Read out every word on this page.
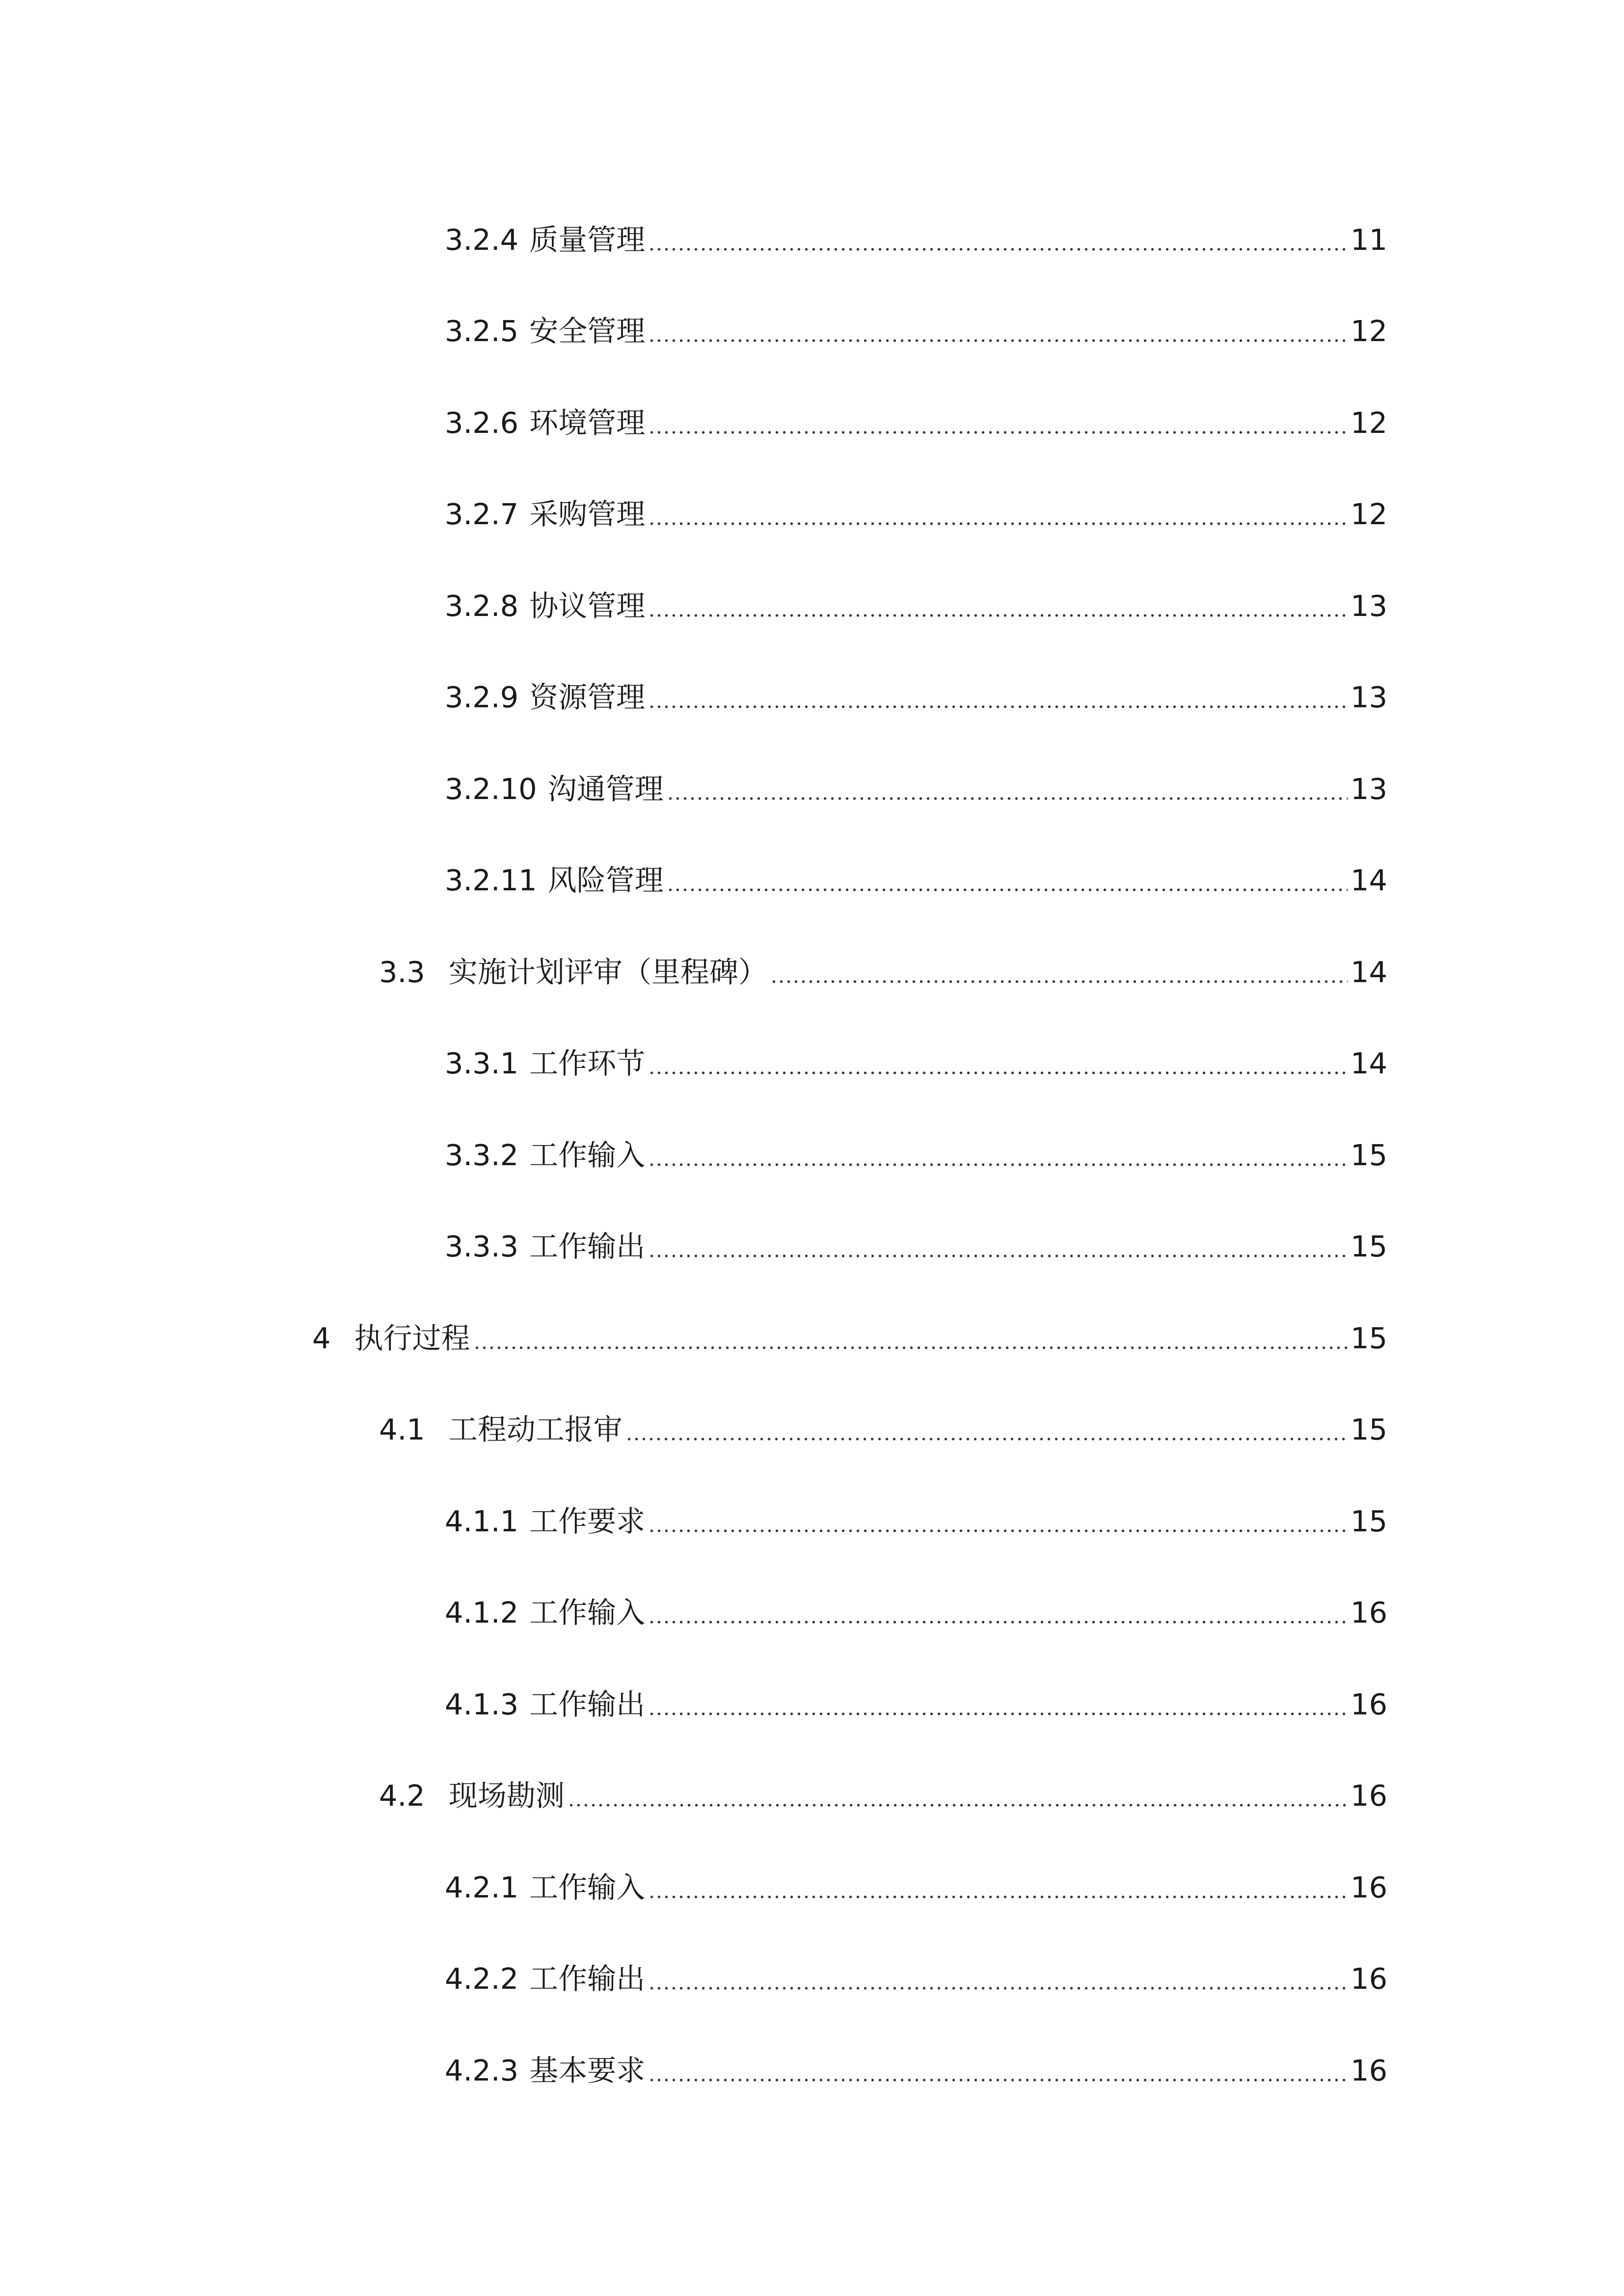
3.2.4 质量管理	11
3.2.5 安全管理	12
3.2.6 环境管理	12
3.2.7 采购管理	12
3.2.8 协议管理	13
3.2.9 资源管理	13
3.2.10 沟通管理	13
3.2.11 风险管理	14
3.3 实施计划评审（里程碑）	14
3.3.1 工作环节	14
3.3.2 工作输入	15
3.3.3 工作输出	15
4 执行过程	15
4.1 工程动工报审	15
4.1.1 工作要求	15
4.1.2 工作输入	16
4.1.3 工作输出	16
4.2 现场勘测	16
4.2.1 工作输入	16
4.2.2 工作输出	16
4.2.3 基本要求	16
